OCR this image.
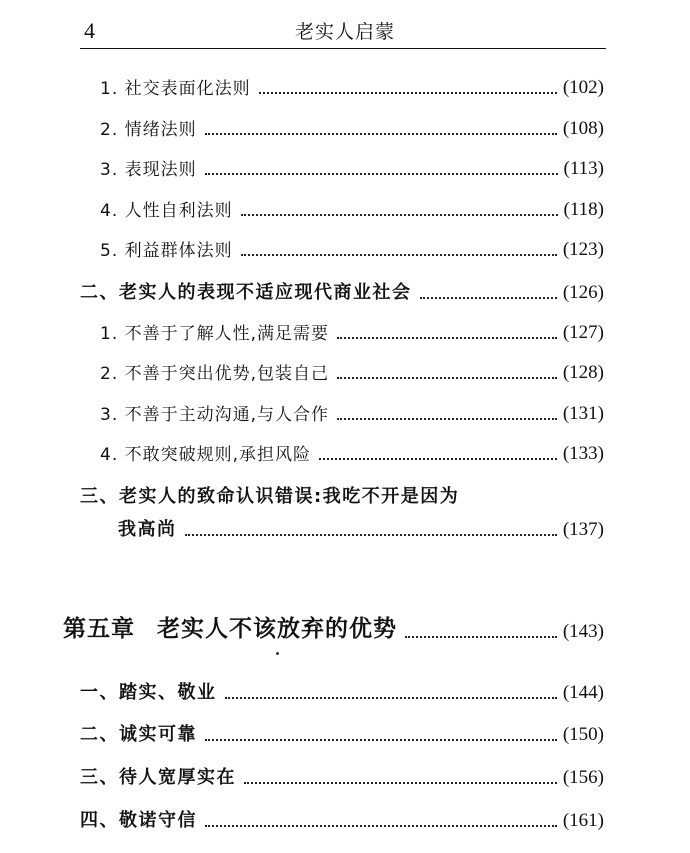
4	老实人启蒙
1. 社交表面化法则	(102)
2. 情绪法则	(108)
3. 表现法则	(113)
4. 人性自利法则	(118)
5. 利益群体法则	(123)
二、老实人的表现不适应现代商业社会	(126)
1. 不善于了解人性,满足需要	(127)
2. 不善于突出优势,包装自己	(128)
3. 不善于主动沟通,与人合作	(131)
4. 不敢突破规则,承担风险	(133)
三、老实人的致命认识错误:我吃不开是因为
我高尚	(137)
第五章 老实人不该放弃的优势	(143)
一、踏实、敬业	(144)
二、诚实可靠	(150)
三、待人宽厚实在	(156)
四、敬诺守信	(161)
